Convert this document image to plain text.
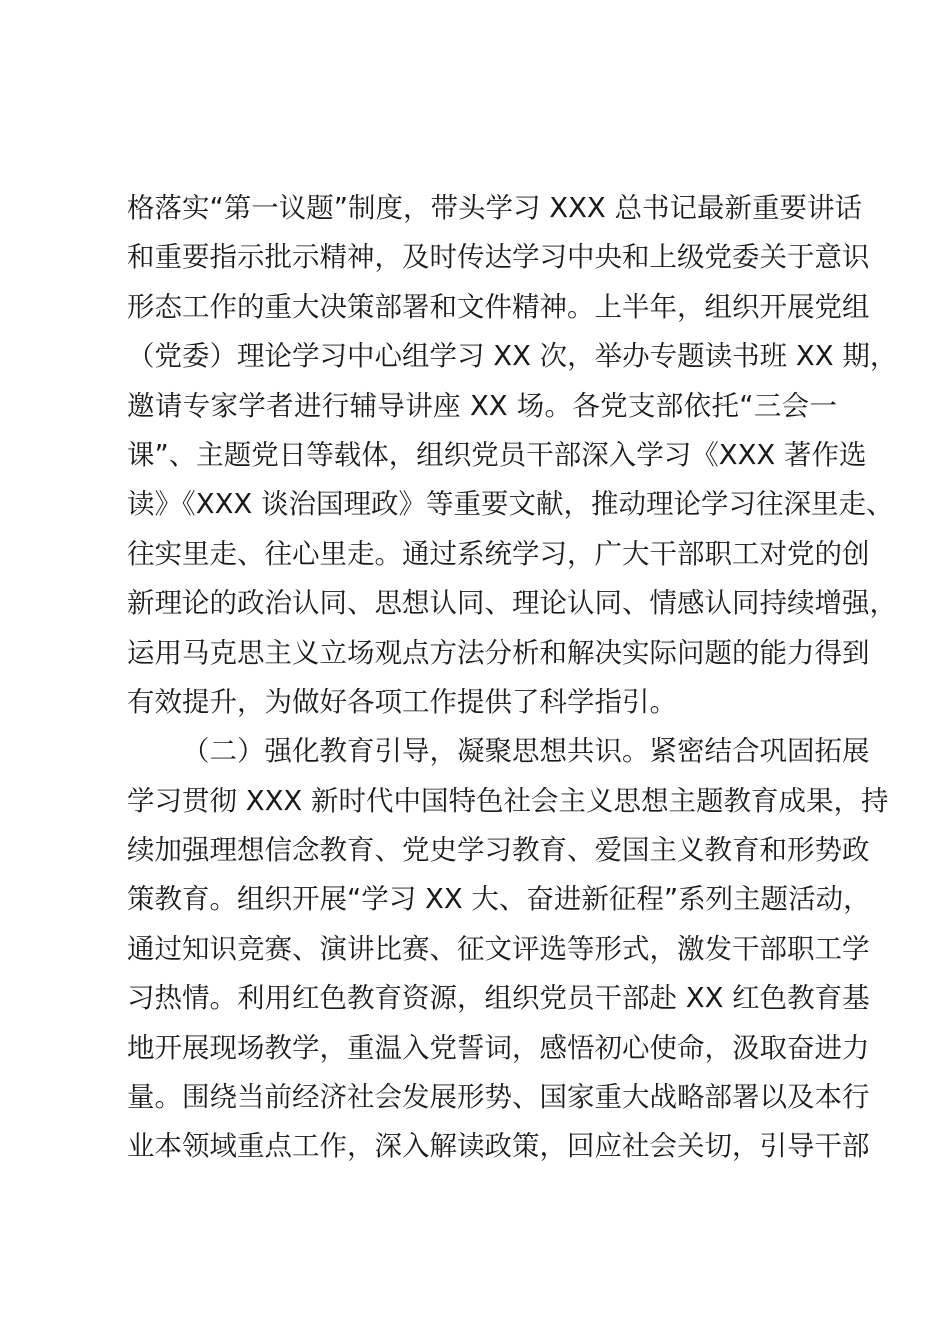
格落实“第一议题”制度，带头学习 XXX 总书记最新重要讲话
和重要指示批示精神，及时传达学习中央和上级党委关于意识
形态工作的重大决策部署和文件精神。上半年，组织开展党组
（党委）理论学习中心组学习 XX 次，举办专题读书班 XX 期，
邀请专家学者进行辅导讲座 XX 场。各党支部依托“三会一
课”、主题党日等载体，组织党员干部深入学习《XXX 著作选
读》《XXX 谈治国理政》等重要文献，推动理论学习往深里走、
往实里走、往心里走。通过系统学习，广大干部职工对党的创
新理论的政治认同、思想认同、理论认同、情感认同持续增强，
运用马克思主义立场观点方法分析和解决实际问题的能力得到
有效提升，为做好各项工作提供了科学指引。
（二）强化教育引导，凝聚思想共识。紧密结合巩固拓展
学习贯彻 XXX 新时代中国特色社会主义思想主题教育成果，持
续加强理想信念教育、党史学习教育、爱国主义教育和形势政
策教育。组织开展“学习 XX 大、奋进新征程”系列主题活动，
通过知识竞赛、演讲比赛、征文评选等形式，激发干部职工学
习热情。利用红色教育资源，组织党员干部赴 XX 红色教育基
地开展现场教学，重温入党誓词，感悟初心使命，汲取奋进力
量。围绕当前经济社会发展形势、国家重大战略部署以及本行
业本领域重点工作，深入解读政策，回应社会关切，引导干部
